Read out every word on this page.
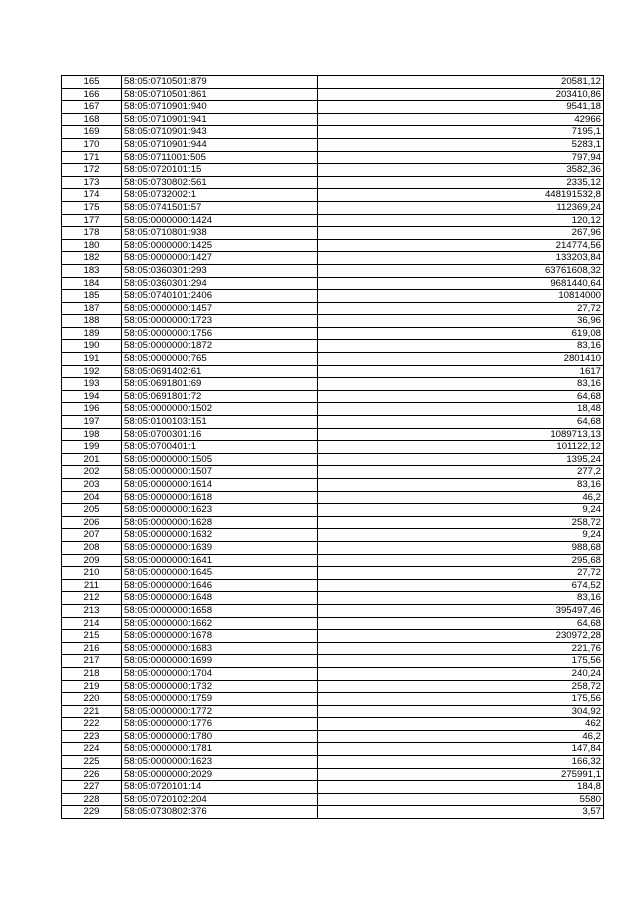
165	58:05:0710501:879	20581,12
166	58:05:0710501:861	203410,86
167	58:05:0710901:940	9541,18
168	58:05:0710901:941	42966
169	58:05:0710901:943	7195,1
170	58:05:0710901:944	5283,1
171	58:05:0711001:505	797,94
172	58:05:0720101:15	3582,36
173	58:05:0730802:561	2335,12
174	58:05:0732002:1	448191532,8
175	58:05:0741501:57	112369,24
177	58:05:0000000:1424	120,12
178	58:05:0710801:938	267,96
180	58:05:0000000:1425	214774,56
182	58:05:0000000:1427	133203,84
183	58:05:0360301:293	63761608,32
184	58:05:0360301:294	9681440,64
185	58:05:0740101:2406	10814000
187	58:05:0000000:1457	27,72
188	58:05:0000000:1723	36,96
189	58:05:0000000:1756	619,08
190	58:05:0000000:1872	83,16
191	58:05:0000000:765	2801410
192	58:05:0691402:61	1617
193	58:05:0691801:69	83,16
194	58:05:0691801:72	64,68
196	58:05:0000000:1502	18,48
197	58:05:0100103:151	64,68
198	58:05:0700301:16	1089713,13
199	58:05:0700401:1	101122,12
201	58:05:0000000:1505	1395,24
202	58:05:0000000:1507	277,2
203	58:05:0000000:1614	83,16
204	58:05:0000000:1618	46,2
205	58:05:0000000:1623	9,24
206	58:05:0000000:1628	258,72
207	58:05:0000000:1632	9,24
208	58:05:0000000:1639	988,68
209	58:05:0000000:1641	295,68
210	58:05:0000000:1645	27,72
211	58:05:0000000:1646	674,52
212	58:05:0000000:1648	83,16
213	58:05:0000000:1658	395497,46
214	58:05:0000000:1662	64,68
215	58:05:0000000:1678	230972,28
216	58:05:0000000:1683	221,76
217	58:05:0000000:1699	175,56
218	58:05:0000000:1704	240,24
219	58:05:0000000:1732	258,72
220	58:05:0000000:1759	175,56
221	58:05:0000000:1772	304,92
222	58:05:0000000:1776	462
223	58:05:0000000:1780	46,2
224	58:05:0000000:1781	147,84
225	58:05:0000000:1623	166,32
226	58:05:0000000:2029	275991,1
227	58:05:0720101:14	184,8
228	58:05:0720102:204	5580
229	58:05:0730802:376	3,57
